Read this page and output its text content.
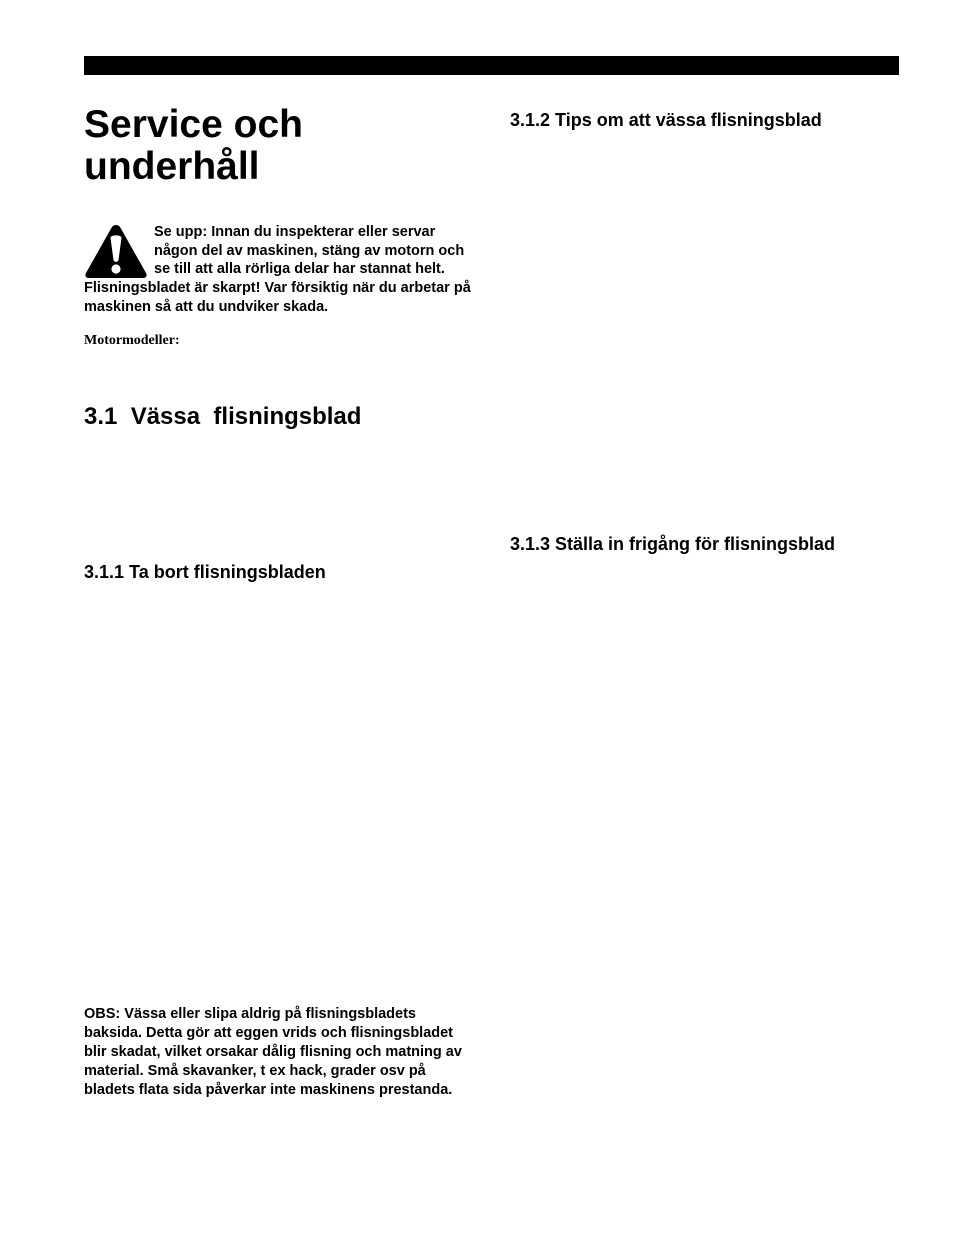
Service och underhåll
Se upp: Innan du inspekterar eller servar någon del av maskinen, stäng av motorn och se till att alla rörliga delar har stannat helt. Flisningsbladet är skarpt! Var försiktig när du arbetar på maskinen så att du undviker skada.
Motormodeller:
3.1  Vässa  flisningsblad
3.1.1 Ta bort flisningsbladen
3.1.2 Tips om att vässa flisningsblad
3.1.3 Ställa in frigång för flisningsblad
OBS: Vässa eller slipa aldrig på flisningsbladets baksida. Detta gör att eggen vrids och flisningsbladet blir skadat, vilket orsakar dålig flisning och matning av material. Små skavanker, t ex hack, grader osv på bladets flata sida påverkar inte maskinens prestanda.
